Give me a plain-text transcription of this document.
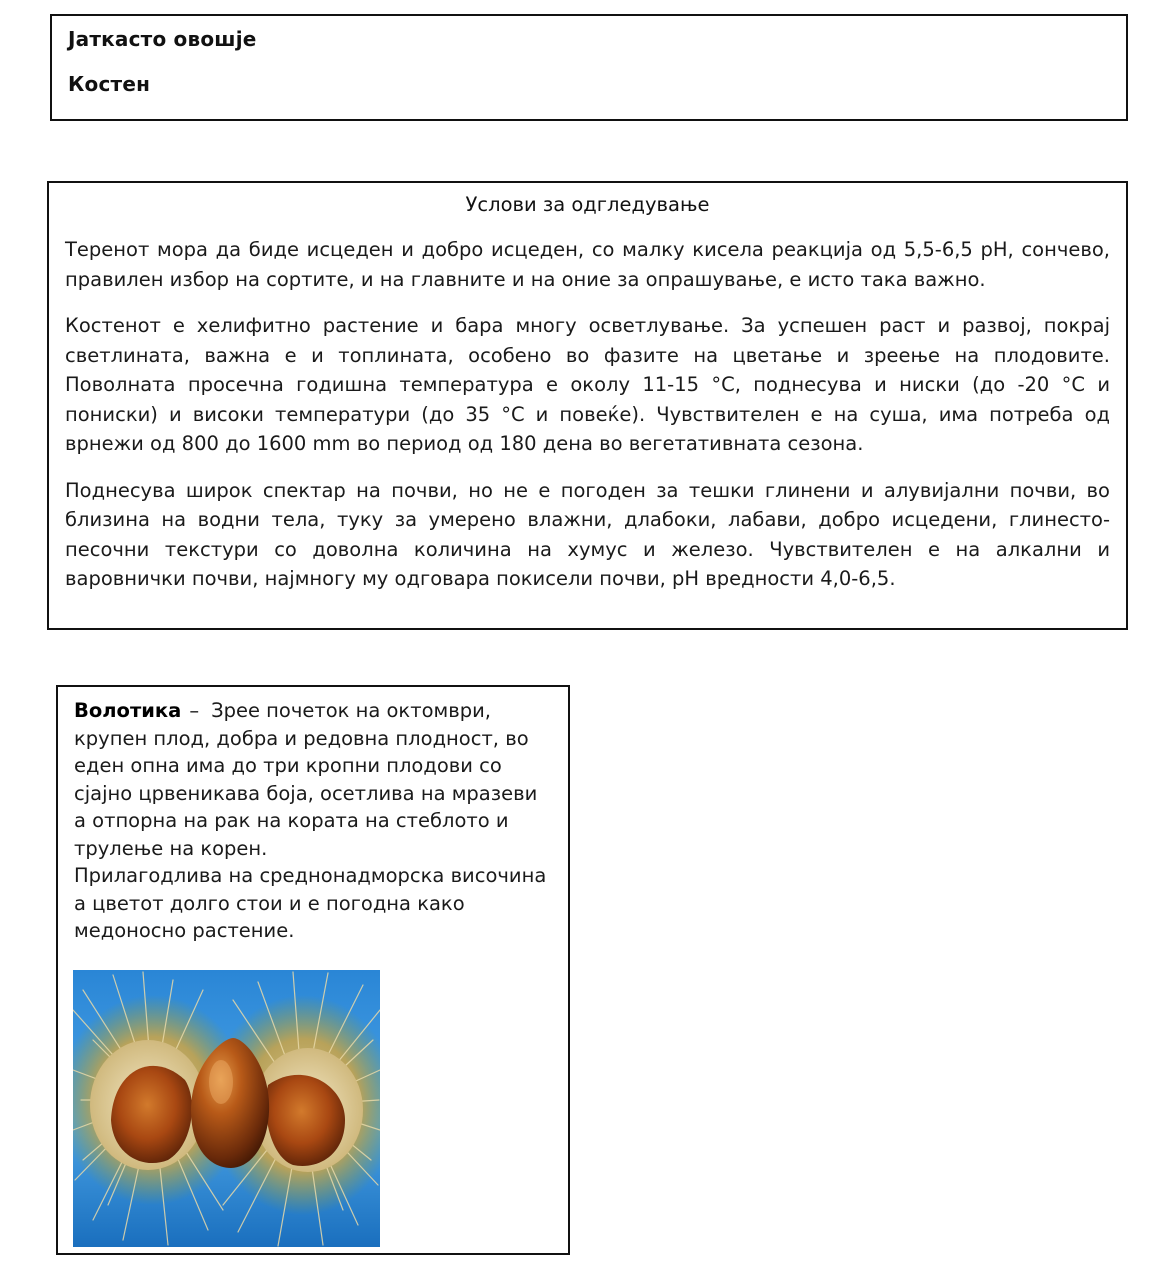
Јаткасто овошје
Костен
Услови за одгледување

Теренот мора да биде исцеден и добро исцеден, со малку кисела реакција од 5,5-6,5 pH, сончево, правилен избор на сортите, и на главните и на оние за опрашување, е исто така важно.

Костенот е хелифитно растение и бара многу осветлување. За успешен раст и развој, покрај светлината, важна е и топлината, особено во фазите на цветање и зреење на плодовите. Поволната просечна годишна температура е околу 11-15 °C, поднесува и ниски (до -20 °C и пониски) и високи температури (до 35 °C и повеќе). Чувствителен е на суша, има потреба од врнежи од 800 до 1600 mm во период од 180 дена во вегетативната сезона.

Поднесува широк спектар на почви, но не е погоден за тешки глинени и алувијални почви, во близина на водни тела, туку за умерено влажни, длабоки, лабави, добро исцедени, глинесто-песочни текстури со доволна количина на хумус и железо. Чувствителен е на алкални и варовнички почви, најмногу му одговара покисели почви, pH вредности 4,0-6,5.

Волотика – Зрее почеток на октомври, крупен плод, добра и редовна плодност, во еден опна има до три кропни плодови со сјајно црвеникава боја, осетлива на мразеви а отпорна на рак на кората на стеблото и трулење на корен.
Прилагодлива на среднонадморска височина а цветот долго стои и е погодна како медоносно растение.
